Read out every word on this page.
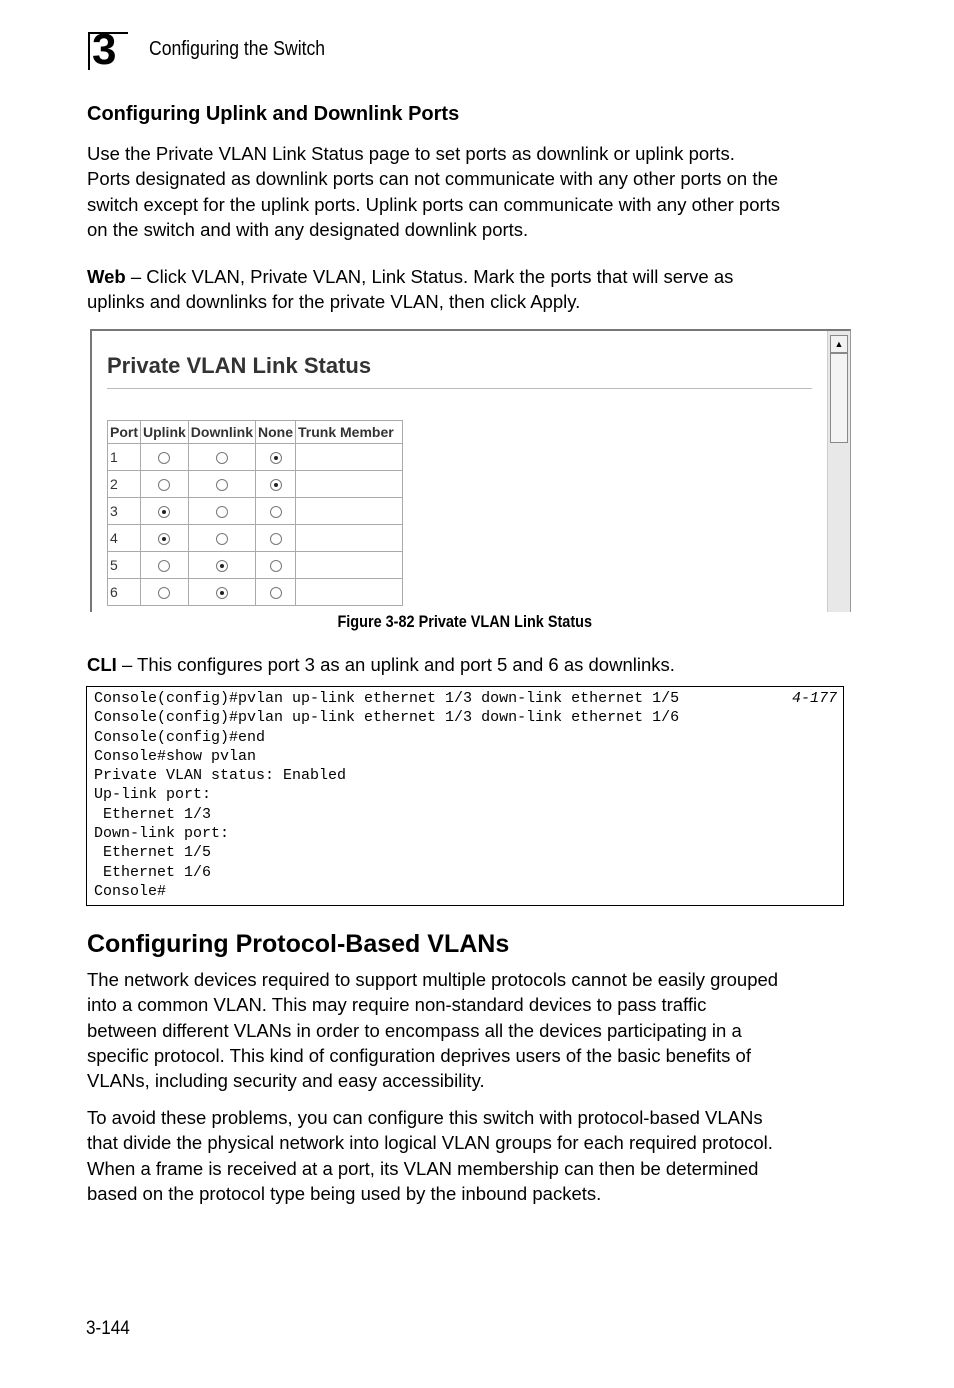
3 Configuring the Switch
Configuring Uplink and Downlink Ports

Use the Private VLAN Link Status page to set ports as downlink or uplink ports.
Ports designated as downlink ports can not communicate with any other ports on the
switch except for the uplink ports. Uplink ports can communicate with any other ports
on the switch and with any designated downlink ports.

Web – Click VLAN, Private VLAN, Link Status. Mark the ports that will serve as
uplinks and downlinks for the private VLAN, then click Apply.

Private VLAN Link Status
Port	Uplink	Downlink	None	Trunk Member
1				
2				
3				
4				
5				
6				
▲
Figure 3-82 Private VLAN Link Status

CLI – This configures port 3 as an uplink and port 5 and 6 as downlinks.

4-177
Console(config)#pvlan up-link ethernet 1/3 down-link ethernet 1/5
Console(config)#pvlan up-link ethernet 1/3 down-link ethernet 1/6
Console(config)#end
Console#show pvlan
Private VLAN status: Enabled
Up-link port:
Ethernet 1/3
Down-link port:
Ethernet 1/5
Ethernet 1/6
Console#
Configuring Protocol-Based VLANs

The network devices required to support multiple protocols cannot be easily grouped
into a common VLAN. This may require non-standard devices to pass traffic
between different VLANs in order to encompass all the devices participating in a
specific protocol. This kind of configuration deprives users of the basic benefits of
VLANs, including security and easy accessibility.

To avoid these problems, you can configure this switch with protocol-based VLANs
that divide the physical network into logical VLAN groups for each required protocol.
When a frame is received at a port, its VLAN membership can then be determined
based on the protocol type being used by the inbound packets.

3-144
